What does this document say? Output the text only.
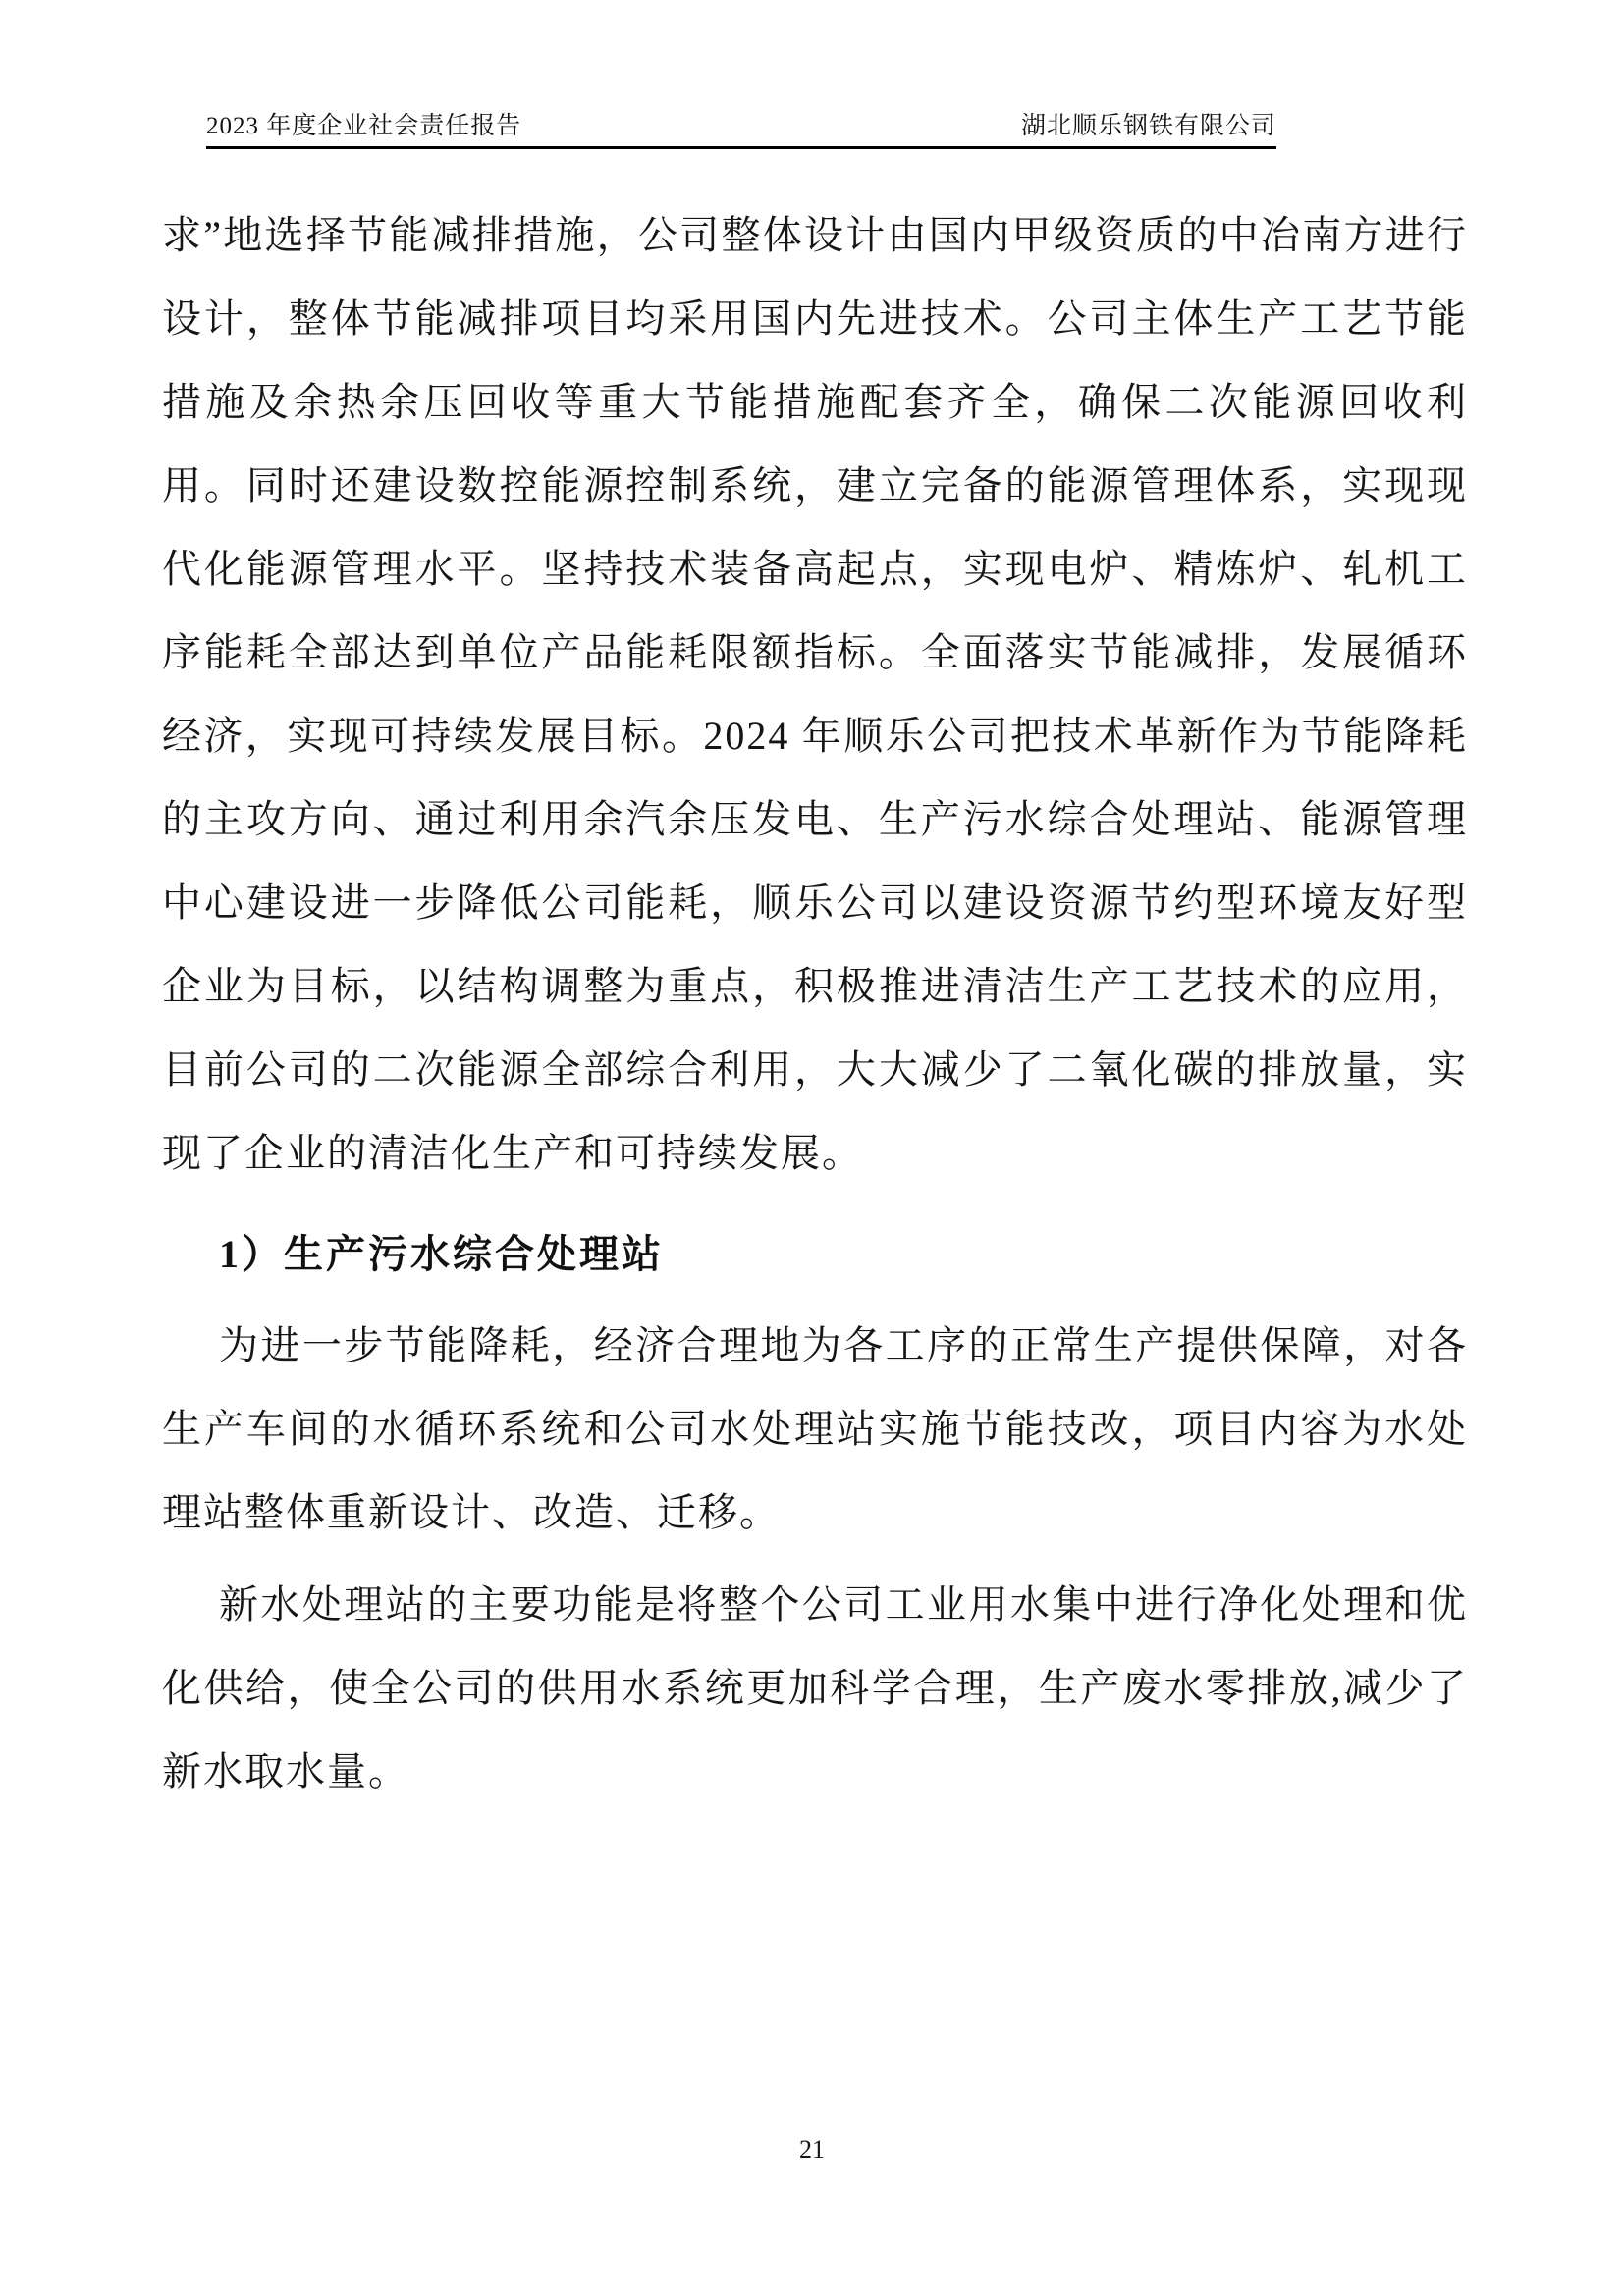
2023 年度企业社会责任报告	湖北顺乐钢铁有限公司
求”地选择节能减排措施，公司整体设计由国内甲级资质的中冶南方进行设计，整体节能减排项目均采用国内先进技术。公司主体生产工艺节能措施及余热余压回收等重大节能措施配套齐全，确保二次能源回收利用。同时还建设数控能源控制系统，建立完备的能源管理体系，实现现代化能源管理水平。坚持技术装备高起点，实现电炉、精炼炉、轧机工序能耗全部达到单位产品能耗限额指标。全面落实节能减排，发展循环经济，实现可持续发展目标。2024 年顺乐公司把技术革新作为节能降耗的主攻方向、通过利用余汽余压发电、生产污水综合处理站、能源管理中心建设进一步降低公司能耗，顺乐公司以建设资源节约型环境友好型企业为目标，以结构调整为重点，积极推进清洁生产工艺技术的应用，目前公司的二次能源全部综合利用，大大减少了二氧化碳的排放量，实现了企业的清洁化生产和可持续发展。
1）生产污水综合处理站
为进一步节能降耗，经济合理地为各工序的正常生产提供保障，对各生产车间的水循环系统和公司水处理站实施节能技改，项目内容为水处理站整体重新设计、改造、迁移。
新水处理站的主要功能是将整个公司工业用水集中进行净化处理和优化供给，使全公司的供用水系统更加科学合理，生产废水零排放,减少了新水取水量。
21
